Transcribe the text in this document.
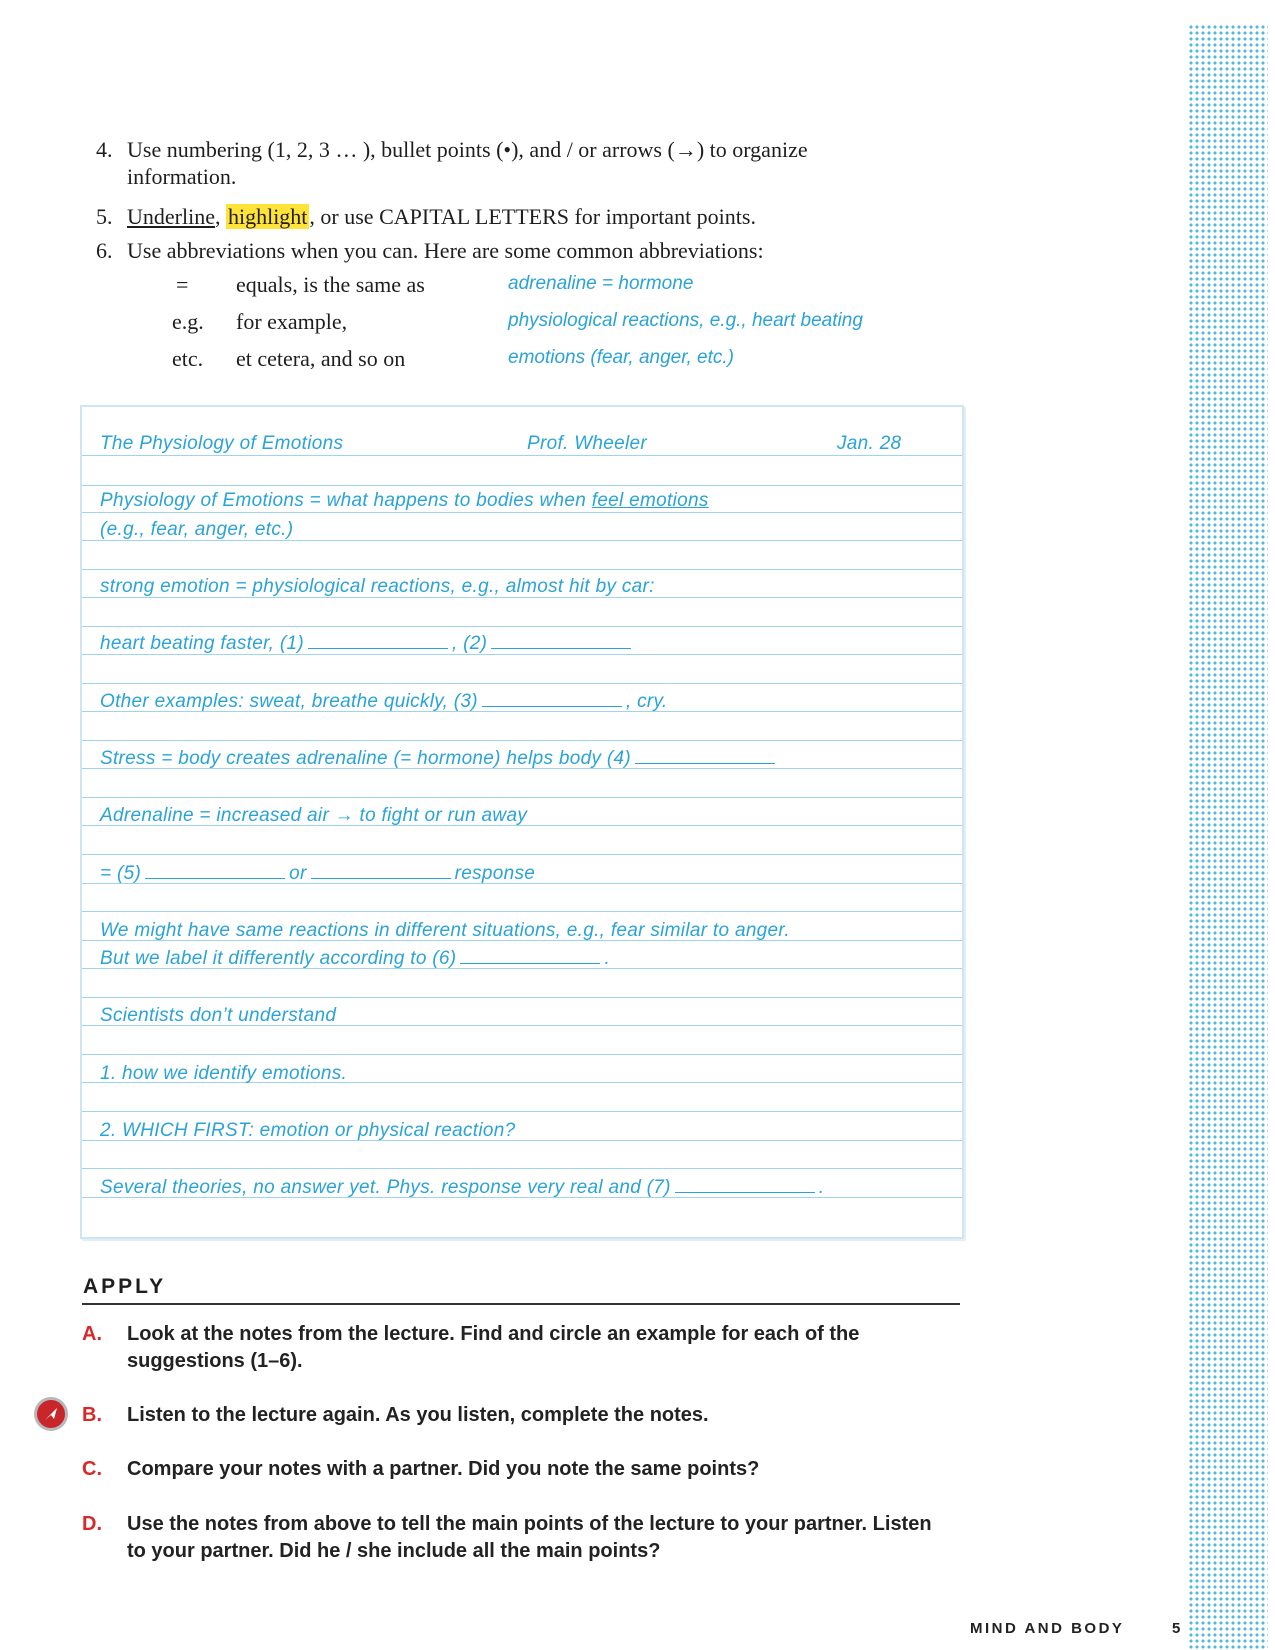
4. Use numbering (1, 2, 3 … ), bullet points (•), and / or arrows (→) to organize
information.
5. Underline, highlight, or use CAPITAL LETTERS for important points.
6. Use abbreviations when you can. Here are some common abbreviations:
= equals, is the same as	adrenaline = hormone
e.g. for example,	physiological reactions, e.g., heart beating
etc. et cetera, and so on	emotions (fear, anger, etc.)
The Physiology of Emotions	Prof. Wheeler	Jan. 28
Physiology of Emotions = what happens to bodies when feel emotions
(e.g., fear, anger, etc.)
strong emotion = physiological reactions, e.g., almost hit by car:
heart beating faster, (1)	, (2)
Other examples: sweat, breathe quickly, (3)	, cry.
Stress = body creates adrenaline (= hormone) helps body (4)
Adrenaline = increased air → to fight or run away
= (5)	or	response
We might have same reactions in different situations, e.g., fear similar to anger.
But we label it differently according to (6)	.
Scientists don’t understand
1. how we identify emotions.
2. WHICH FIRST: emotion or physical reaction?
Several theories, no answer yet. Phys. response very real and (7)	.
APPLY
A. Look at the notes from the lecture. Find and circle an example for each of the suggestions (1–6).
B. Listen to the lecture again. As you listen, complete the notes.
C. Compare your notes with a partner. Did you note the same points?
D. Use the notes from above to tell the main points of the lecture to your partner. Listen to your partner. Did he / she include all the main points?
MIND AND BODY	5
